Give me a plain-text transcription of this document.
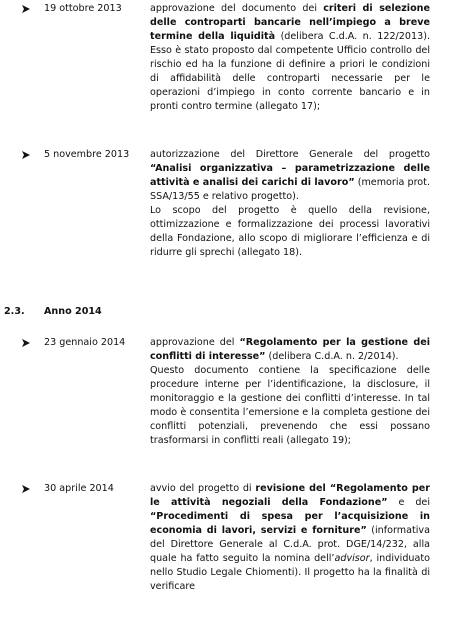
19 ottobre 2013	approvazione del documento dei criteri di selezione delle controparti bancarie nell’impiego a breve termine della liquidità (delibera C.d.A. n. 122/2013). Esso è stato proposto dal competente Ufficio controllo del rischio ed ha la funzione di definire a priori le condizioni di affidabilità delle controparti necessarie per le operazioni d’impiego in conto corrente bancario e in pronti contro termine (allegato 17);

5 novembre 2013 autorizzazione del Direttore Generale del progetto “Analisi organizzativa – parametrizzazione delle attività e analisi dei carichi di lavoro” (memoria prot. SSA/13/55 e relativo progetto).

Lo scopo del progetto è quello della revisione, ottimizzazione e formalizzazione dei processi lavorativi della Fondazione, allo scopo di migliorare l’efficienza e di ridurre gli sprechi (allegato 18).

2.3. Anno 2014
23 gennaio 2014	approvazione del “Regolamento per la gestione dei conflitti di interesse” (delibera C.d.A. n. 2/2014).

Questo documento contiene la specificazione delle procedure interne per l’identificazione, la disclosure, il monitoraggio e la gestione dei conflitti d’interesse. In tal modo è consentita l’emersione e la completa gestione dei conflitti potenziali, prevenendo che essi possano trasformarsi in conflitti reali (allegato 19);

30 aprile 2014	avvio del progetto di revisione del “Regolamento per le attività negoziali della Fondazione” e dei “Procedimenti di spesa per l’acquisizione in economia di lavori, servizi e forniture” (informativa del Direttore Generale al C.d.A. prot. DGE/14/232, alla quale ha fatto seguito la nomina dell’advisor, individuato nello Studio Legale Chiomenti). Il progetto ha la finalità di verificare
